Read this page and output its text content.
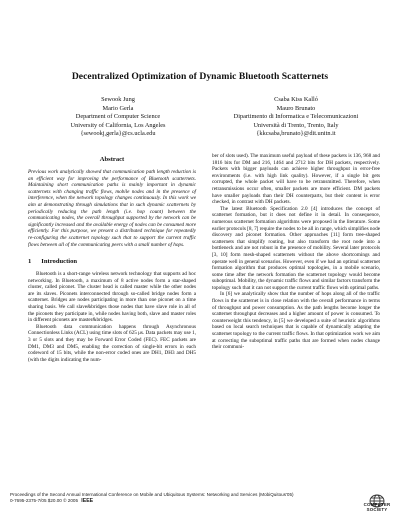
Decentralized Optimization of Dynamic Bluetooth Scatternets
Sewook Jung
Mario Gerla
Department of Computer Science
University of California, Los Angeles
{sewookj,gerla}@cs.ucla.edu
Csaba Kiss Kalló
Mauro Brunato
Dipartimento di Informatica e Telecomunicazioni
Università di Trento, Trento, Italy
{kkcsaba,brunato}@dit.unitn.it
Abstract

Previous work analytically showed that communication path length reduction is an efficient way for improving the performance of Bluetooth scatternets. Maintaining short communication paths is mainly important in dynamic scatternets with changing traffic flows, mobile nodes and in the presence of interference, when the network topology changes continuously. In this work we aim at demonstrating through simulations that in such dynamic scatternets by periodically reducing the path length (i.e. hop count) between the communicating nodes, the overall throughput supported by the network can be significantly increased and the available energy of nodes can be consumed more efficiently. For this purpose, we present a distributed technique for repeatedly re-configuring the scatternet topology such that to support the current traffic flows between all of the communicating peers with a small number of hops.

1 Introduction

Bluetooth is a short-range wireless network technology that supports ad hoc networking. In Bluetooth, a maximum of 8 active nodes form a star-shaped cluster, called piconet. The cluster head is called master while the other nodes are its slaves. Piconets interconnected through so-called bridge nodes form a scatternet. Bridges are nodes participating in more than one piconet on a time sharing basis. We call slave&bridges those nodes that have slave role in all of the piconets they participate in, while nodes having both, slave and master roles in different piconets are master&bridges.

Bluetooth data communication happens through Asynchronous Connectionless Links (ACL) using time slots of 625 μs. Data packets may use 1, 3 or 5 slots and they may be Forward Error Coded (FEC). FEC packets are DM1, DM3 and DM5, enabling the correction of single-bit errors in each codeword of 15 bits, while the non-error coded ones are DH1, DH3 and DH5 (with the digits indicating the num-

ber of slots used). The maximum useful payload of these packets is 136, 968 and 1816 bits for DM and 216, 1464 and 2712 bits for DH packets, respectively. Packets with bigger payloads can achieve higher throughput in error-free environments (i.e. with high link quality). However, if a single bit gets corrupted, the whole packet will have to be retransmitted. Therefore, when retransmissions occur often, smaller packets are more efficient. DM packets have smaller payloads than their DH counterparts, but their content is error checked, in contrast with DH packets.

The latest Bluetooth Specification 2.0 [4] introduces the concept of scatternet formation, but it does not define it in detail. In consequence, numerous scatternet formation algorithms were proposed in the literature. Some earlier protocols [8, 7] require the nodes to be all in range, which simplifies node discovery and piconet formation. Other approaches [11] form tree-shaped scatternets that simplify routing, but also transform the root node into a bottleneck and are not robust in the presence of mobility. Several later protocols [3, 10] form mesh-shaped scatternets without the above shortcomings and operate well in general scenarios. However, even if we had an optimal scatternet formation algorithm that produces optimal topologies, in a mobile scenario, some time after the network formation the scatternet topology would become suboptimal. Mobility, the dynamic traffic flows and similar factors transform the topology such that it can not support the current traffic flows with optimal paths.

In [6] we analytically show that the number of hops along all of the traffic flows in the scatternet is in close relation with the overall performance in terms of throughput and power consumption. As the path lengths become longer the scatternet throughput decreases and a higher amount of power is consumed. To counterweight this tendency, in [5] we developed a suite of heuristic algorithms based on local search techniques that is capable of dynamically adapting the scatternet topology to the current traffic flows. In that optimization work we aim at correcting the suboptimal traffic paths that are formed when nodes change their communi-

Proceedings of the Second Annual International Conference on Mobile and Ubiquitous Systems: Networking and Services (MobiQuitous'05)
0-7695-2375-7/05 $20.00 © 2005 IEEE
COMPUTER
SOCIETY
